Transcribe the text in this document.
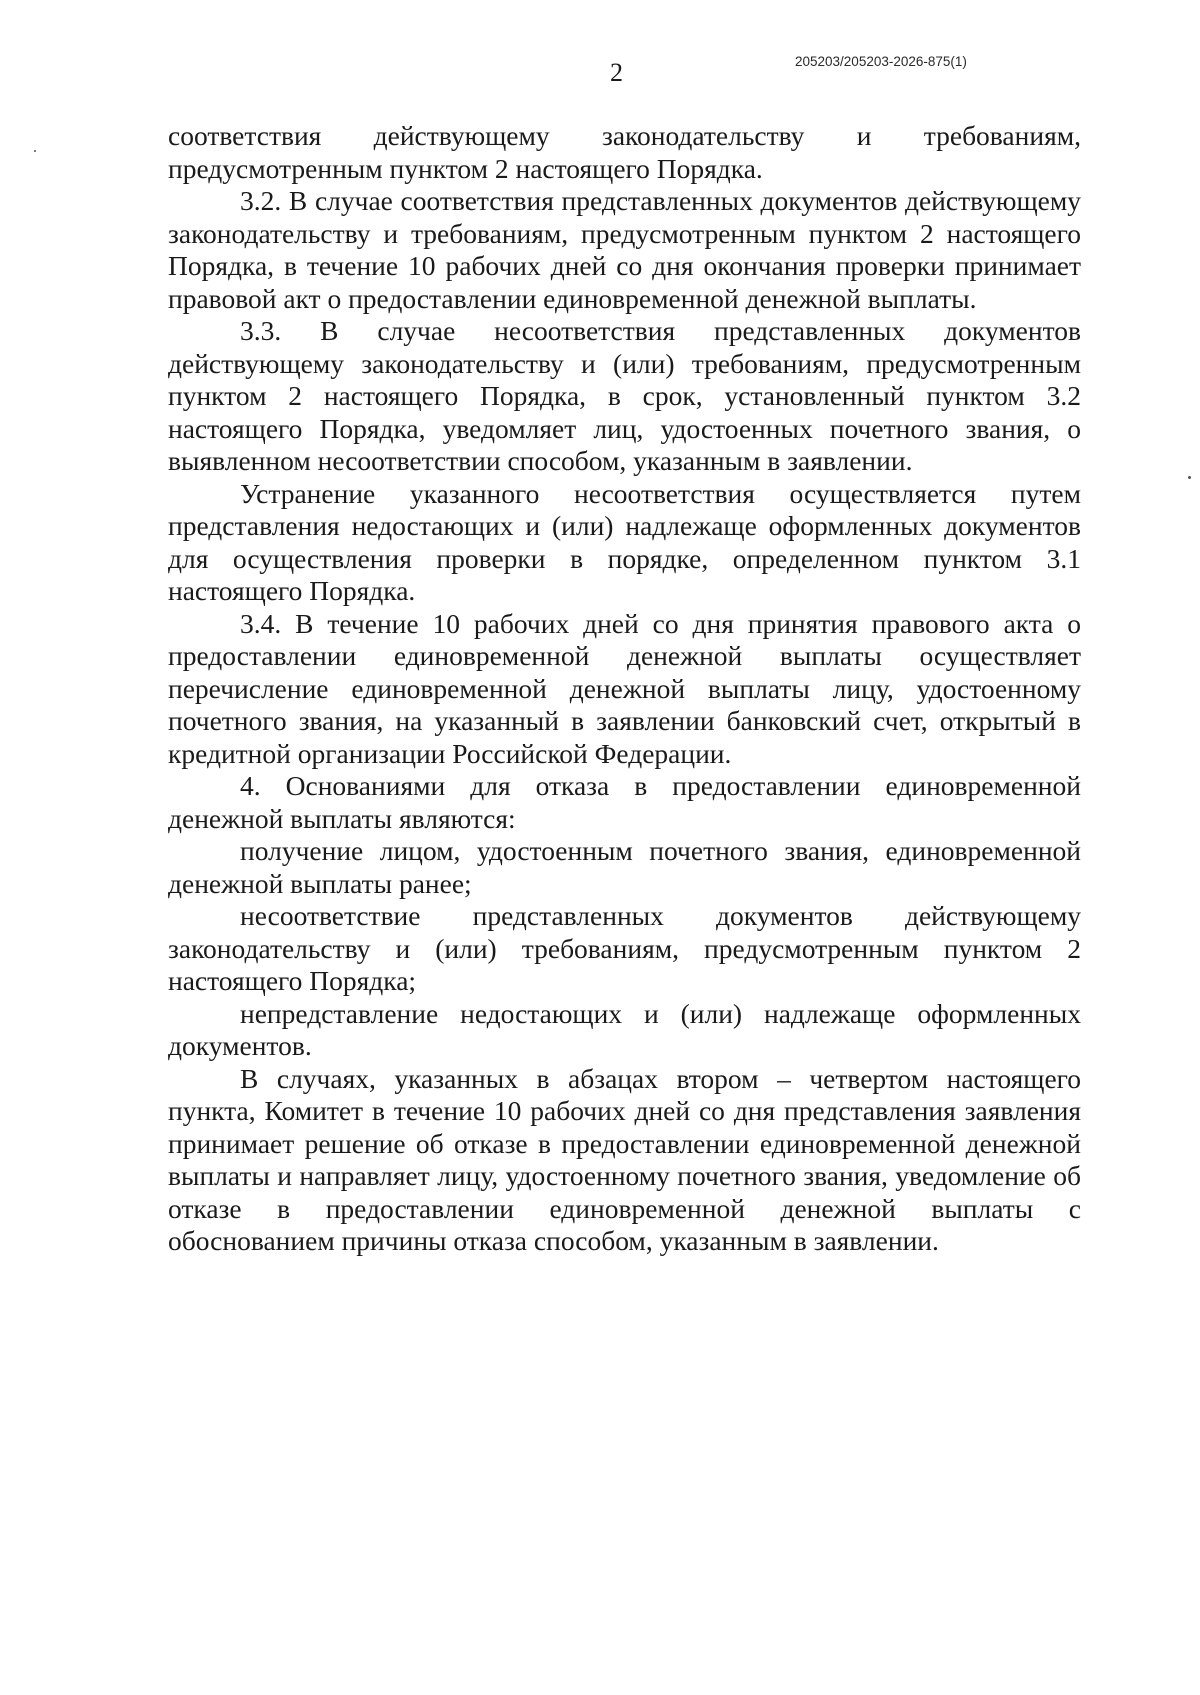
2	205203/205203-2026-875(1)

соответствия действующему законодательству и требованиям, предусмотренным пунктом 2 настоящего Порядка.

3.2. В случае соответствия представленных документов действующему законодательству и требованиям, предусмотренным пунктом 2 настоящего Порядка, в течение 10 рабочих дней со дня окончания проверки принимает правовой акт о предоставлении единовременной денежной выплаты.

3.3. В случае несоответствия представленных документов действующему законодательству и (или) требованиям, предусмотренным пунктом 2 настоящего Порядка, в срок, установленный пунктом 3.2 настоящего Порядка, уведомляет лиц, удостоенных почетного звания, о выявленном несоответствии способом, указанным в заявлении.

Устранение указанного несоответствия осуществляется путем представления недостающих и (или) надлежаще оформленных документов для осуществления проверки в порядке, определенном пунктом 3.1 настоящего Порядка.

3.4. В течение 10 рабочих дней со дня принятия правового акта о предоставлении единовременной денежной выплаты осуществляет перечисление единовременной денежной выплаты лицу, удостоенному почетного звания, на указанный в заявлении банковский счет, открытый в кредитной организации Российской Федерации.

4. Основаниями для отказа в предоставлении единовременной денежной выплаты являются:

получение лицом, удостоенным почетного звания, единовременной денежной выплаты ранее;

несоответствие представленных документов действующему законодательству и (или) требованиям, предусмотренным пунктом 2 настоящего Порядка;

непредставление недостающих и (или) надлежаще оформленных документов.

В случаях, указанных в абзацах втором – четвертом настоящего пункта, Комитет в течение 10 рабочих дней со дня представления заявления принимает решение об отказе в предоставлении единовременной денежной выплаты и направляет лицу, удостоенному почетного звания, уведомление об отказе в предоставлении единовременной денежной выплаты с обоснованием причины отказа способом, указанным в заявлении.
